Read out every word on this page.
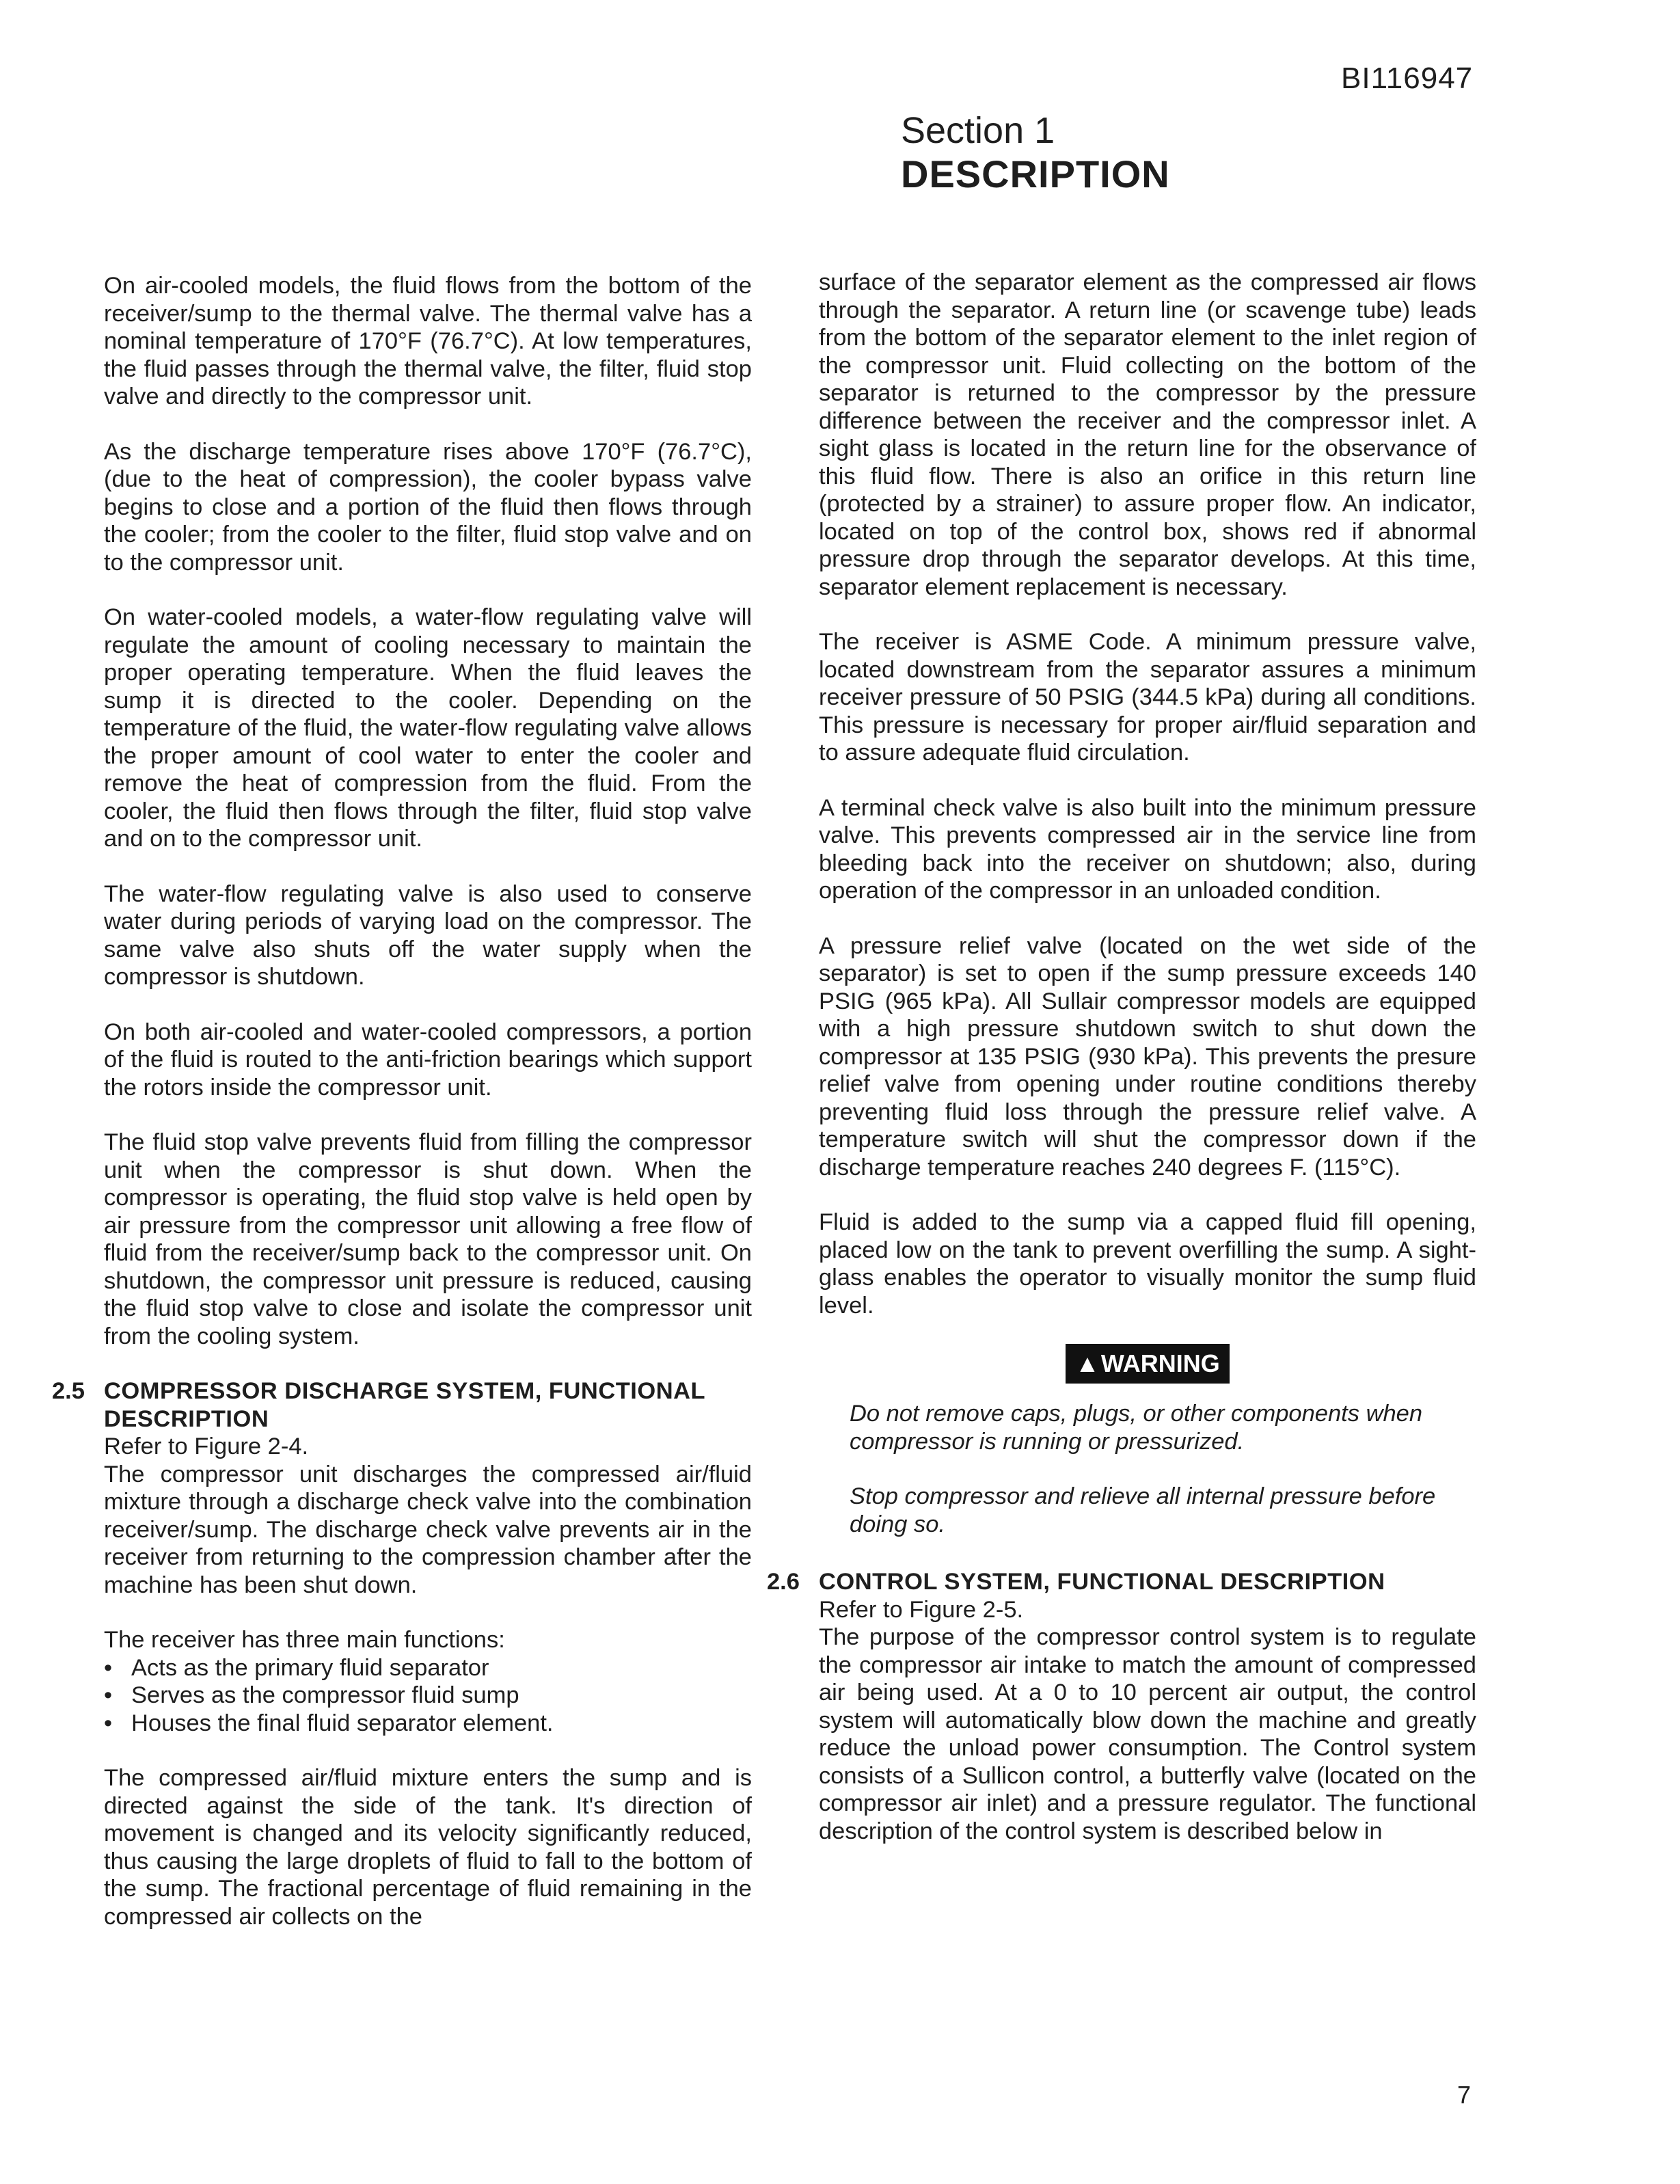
BI116947
Section 1
DESCRIPTION

On air-cooled models, the fluid flows from the bottom of the receiver/sump to the thermal valve. The thermal valve has a nominal temperature of 170°F (76.7°C). At low temperatures, the fluid passes through the thermal valve, the filter, fluid stop valve and directly to the compressor unit.

As the discharge temperature rises above 170°F (76.7°C), (due to the heat of compression), the cooler bypass valve begins to close and a portion of the fluid then flows through the cooler; from the cooler to the filter, fluid stop valve and on to the compressor unit.

On water-cooled models, a water-flow regulating valve will regulate the amount of cooling necessary to maintain the proper operating temperature. When the fluid leaves the sump it is directed to the cooler. Depending on the temperature of the fluid, the water-flow regulating valve allows the proper amount of cool water to enter the cooler and remove the heat of compression from the fluid. From the cooler, the fluid then flows through the filter, fluid stop valve and on to the compressor unit.

The water-flow regulating valve is also used to conserve water during periods of varying load on the compressor. The same valve also shuts off the water supply when the compressor is shutdown.

On both air-cooled and water-cooled compressors, a portion of the fluid is routed to the anti-friction bearings which support the rotors inside the compressor unit.

The fluid stop valve prevents fluid from filling the compressor unit when the compressor is shut down. When the compressor is operating, the fluid stop valve is held open by air pressure from the compressor unit allowing a free flow of fluid from the receiver/sump back to the compressor unit. On shutdown, the compressor unit pressure is reduced, causing the fluid stop valve to close and isolate the compressor unit from the cooling system.

2.5 COMPRESSOR DISCHARGE SYSTEM, FUNCTIONAL DESCRIPTION

Refer to Figure 2-4.

The compressor unit discharges the compressed air/fluid mixture through a discharge check valve into the combination receiver/sump. The discharge check valve prevents air in the receiver from returning to the compression chamber after the machine has been shut down.

The receiver has three main functions:

• Acts as the primary fluid separator
• Serves as the compressor fluid sump
• Houses the final fluid separator element.

The compressed air/fluid mixture enters the sump and is directed against the side of the tank. It's direction of movement is changed and its velocity significantly reduced, thus causing the large droplets of fluid to fall to the bottom of the sump. The fractional percentage of fluid remaining in the compressed air collects on the

surface of the separator element as the compressed air flows through the separator. A return line (or scavenge tube) leads from the bottom of the separator element to the inlet region of the compressor unit. Fluid collecting on the bottom of the separator is returned to the compressor by the pressure difference between the receiver and the compressor inlet. A sight glass is located in the return line for the observance of this fluid flow. There is also an orifice in this return line (protected by a strainer) to assure proper flow. An indicator, located on top of the control box, shows red if abnormal pressure drop through the separator develops. At this time, separator element replacement is necessary.

The receiver is ASME Code. A minimum pressure valve, located downstream from the separator assures a minimum receiver pressure of 50 PSIG (344.5 kPa) during all conditions. This pressure is necessary for proper air/fluid separation and to assure adequate fluid circulation.

A terminal check valve is also built into the minimum pressure valve. This prevents compressed air in the service line from bleeding back into the receiver on shutdown; also, during operation of the compressor in an unloaded condition.

A pressure relief valve (located on the wet side of the separator) is set to open if the sump pressure exceeds 140 PSIG (965 kPa). All Sullair compressor models are equipped with a high pressure shutdown switch to shut down the compressor at 135 PSIG (930 kPa). This prevents the presure relief valve from opening under routine conditions thereby preventing fluid loss through the pressure relief valve. A temperature switch will shut the compressor down if the discharge temperature reaches 240 degrees F. (115°C).

Fluid is added to the sump via a capped fluid fill opening, placed low on the tank to prevent overfilling the sump. A sight-glass enables the operator to visually monitor the sump fluid level.

▲WARNING

Do not remove caps, plugs, or other components when compressor is running or pressurized.

Stop compressor and relieve all internal pressure before doing so.

2.6 CONTROL SYSTEM, FUNCTIONAL DESCRIPTION

Refer to Figure 2-5.

The purpose of the compressor control system is to regulate the compressor air intake to match the amount of compressed air being used. At a 0 to 10 percent air output, the control system will automatically blow down the machine and greatly reduce the unload power consumption. The Control system consists of a Sullicon control, a butterfly valve (located on the compressor air inlet) and a pressure regulator. The functional description of the control system is described below in

7
